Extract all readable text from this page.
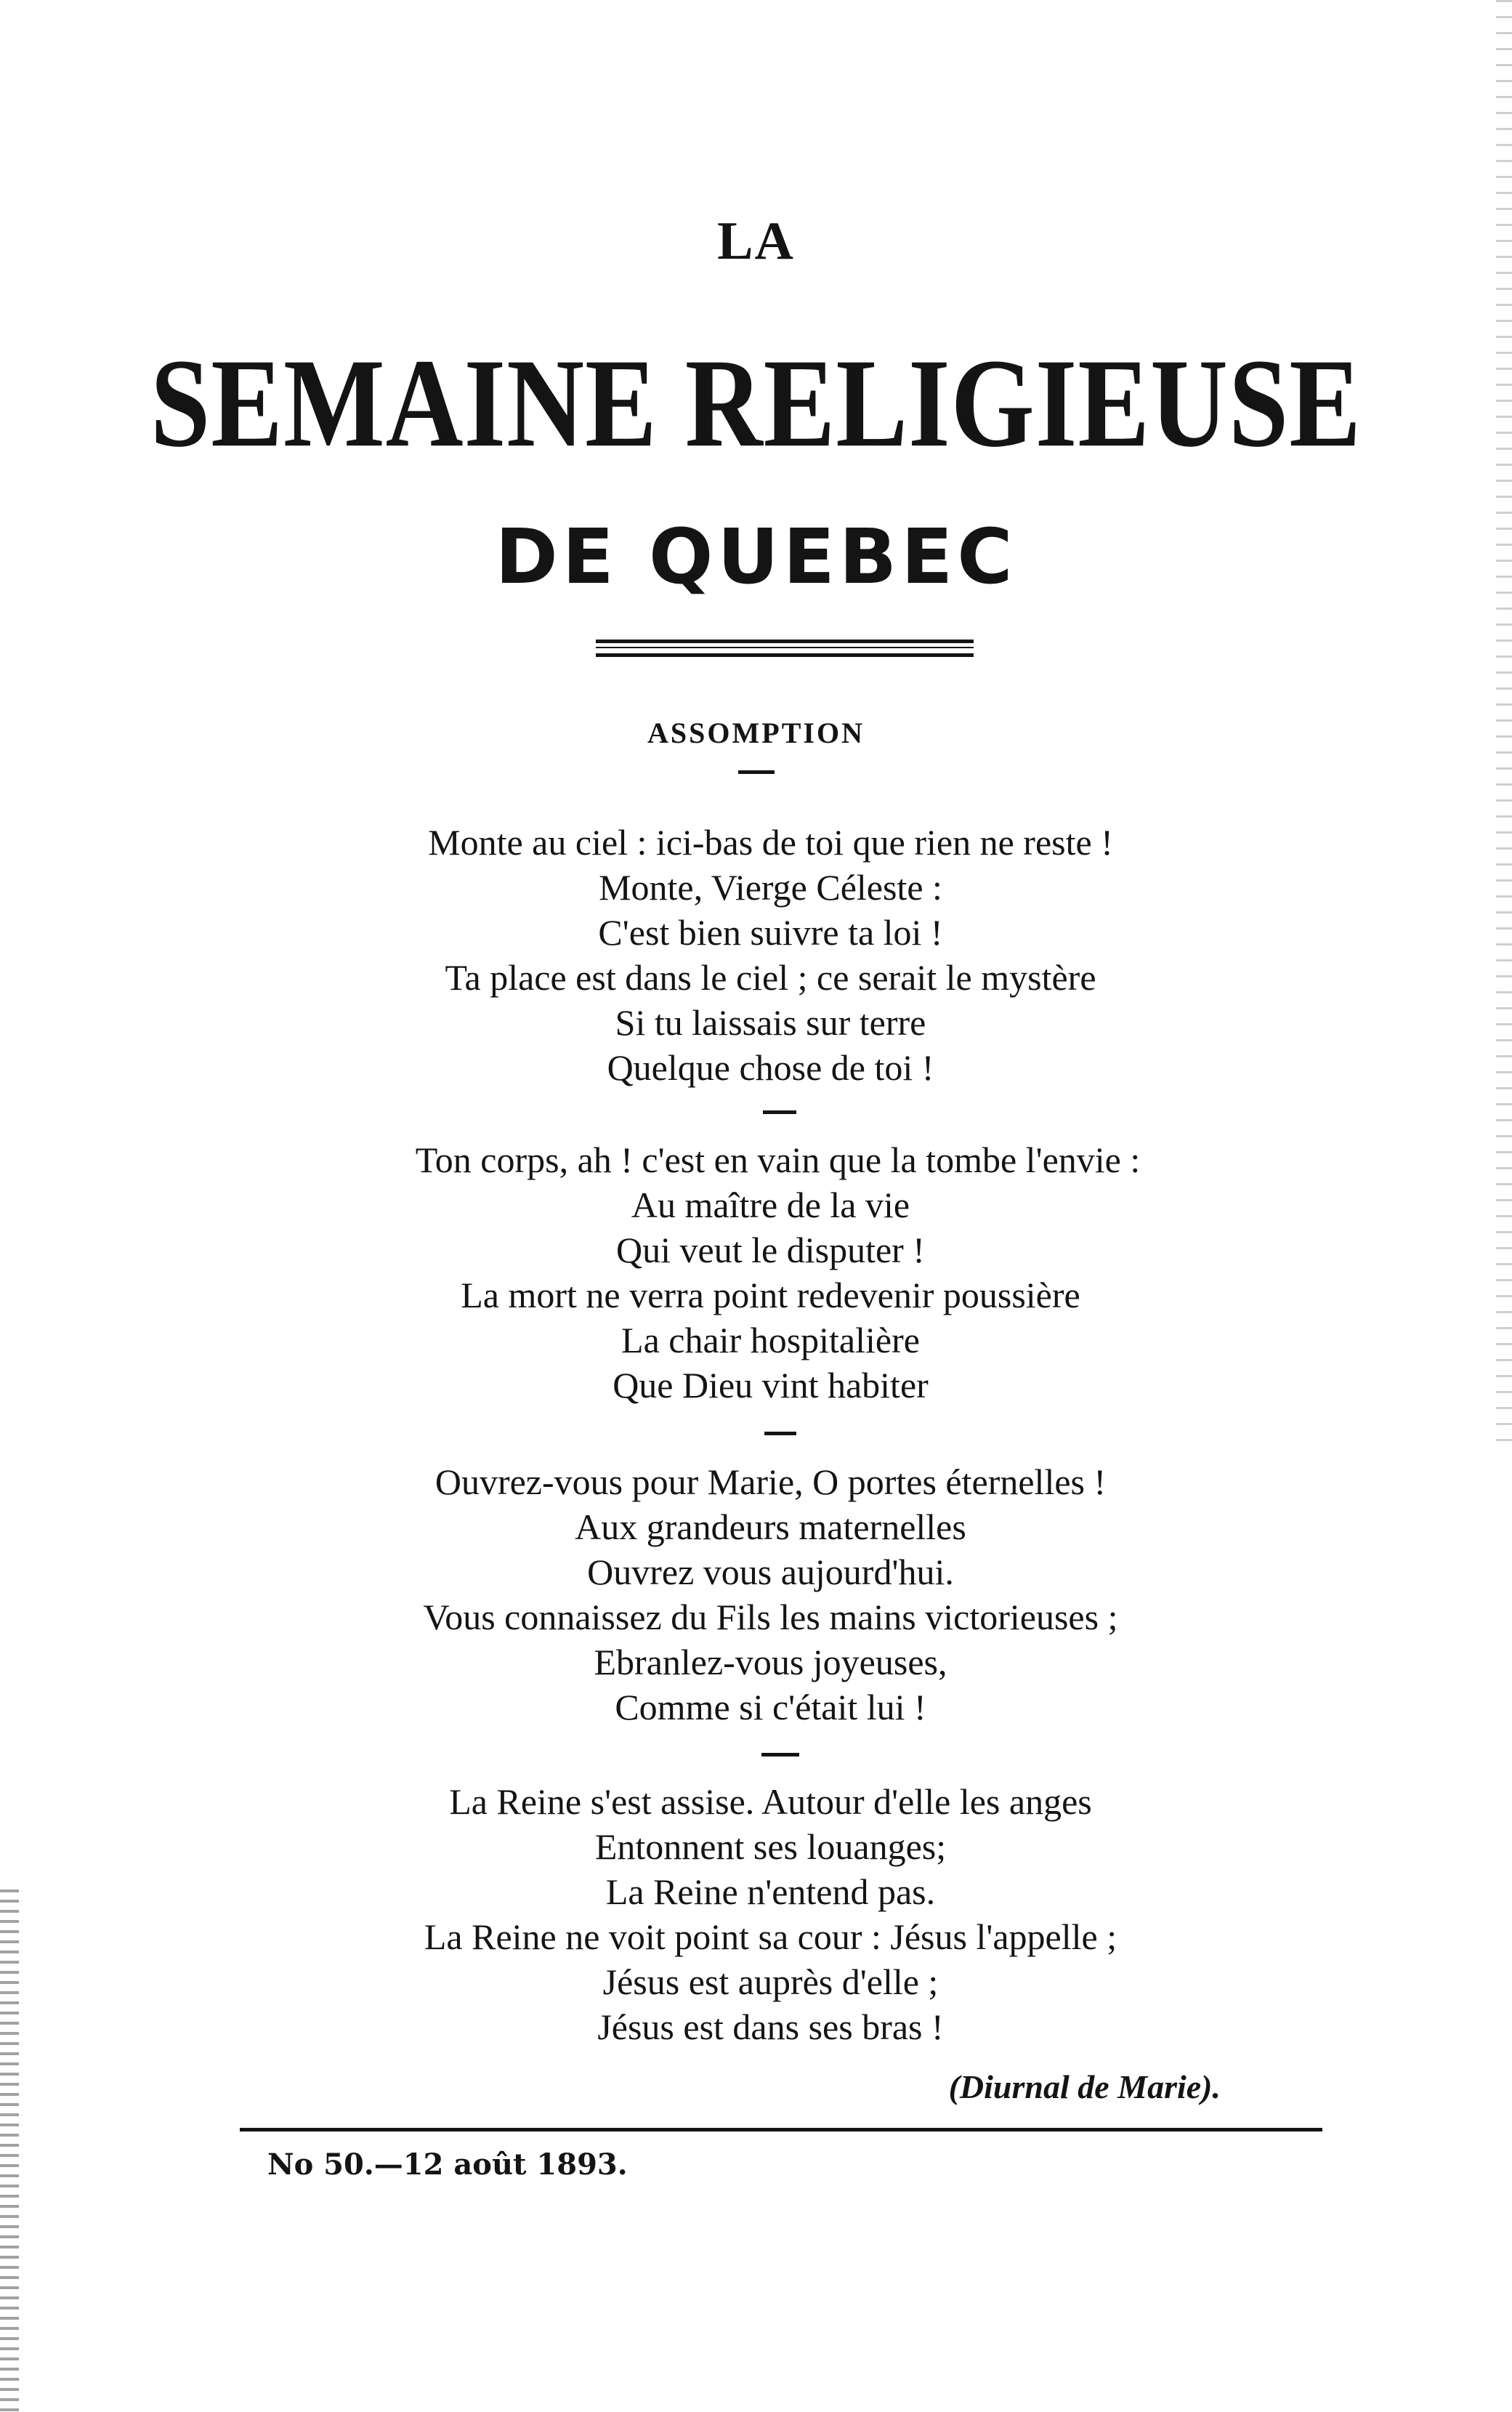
LA
SEMAINE RELIGIEUSE
DE QUEBEC
ASSOMPTION
Monte au ciel : ici-bas de toi que rien ne reste !
Monte, Vierge Céleste :
C'est bien suivre ta loi !
Ta place est dans le ciel ; ce serait le mystère
Si tu laissais sur terre
Quelque chose de toi !
Ton corps, ah ! c'est en vain que la tombe l'envie :
Au maître de la vie
Qui veut le disputer !
La mort ne verra point redevenir poussière
La chair hospitalière
Que Dieu vint habiter
Ouvrez-vous pour Marie, O portes éternelles !
Aux grandeurs maternelles
Ouvrez vous aujourd'hui.
Vous connaissez du Fils les mains victorieuses ;
Ebranlez-vous joyeuses,
Comme si c'était lui !
La Reine s'est assise. Autour d'elle les anges
Entonnent ses louanges;
La Reine n'entend pas.
La Reine ne voit point sa cour : Jésus l'appelle ;
Jésus est auprès d'elle ;
Jésus est dans ses bras !
(Diurnal de Marie).
No 50.—12 août 1893.
